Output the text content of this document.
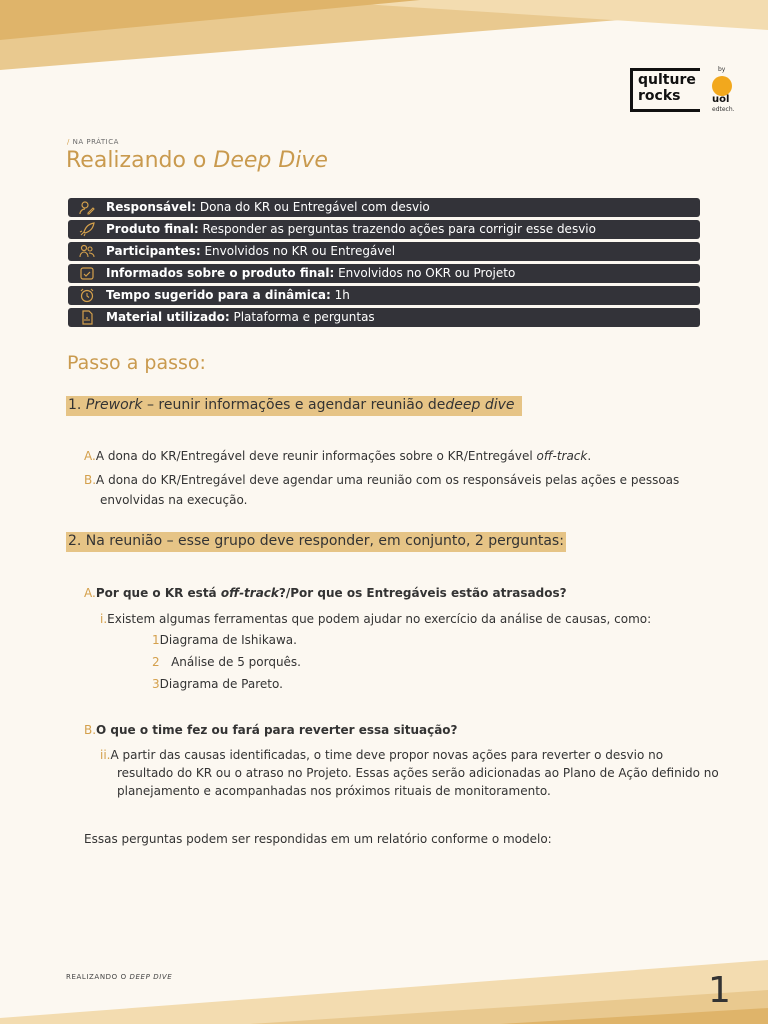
qulture
rocks
by
uol
edtech.
/ NA PRÁTICA
Realizando o Deep Dive
Responsável: Dona do KR ou Entregável com desvio
Produto final: Responder as perguntas trazendo ações para corrigir esse desvio
Participantes: Envolvidos no KR ou Entregável
Informados sobre o produto final: Envolvidos no OKR ou Projeto
Tempo sugerido para a dinâmica: 1h
Material utilizado: Plataforma e perguntas
Passo a passo:
1. Prework – reunir informações e agendar reunião dedeep dive
A.A dona do KR/Entregável deve reunir informações sobre o KR/Entregável off-track.
B.A dona do KR/Entregável deve agendar uma reunião com os responsáveis pelas ações e pessoas
envolvidas na execução.
2. Na reunião – esse grupo deve responder, em conjunto, 2 perguntas:
A.Por que o KR está off-track?/Por que os Entregáveis estão atrasados?
i.Existem algumas ferramentas que podem ajudar no exercício da análise de causas, como:
1Diagrama de Ishikawa.
2 Análise de 5 porquês.
3Diagrama de Pareto.
B.O que o time fez ou fará para reverter essa situação?
ii.A partir das causas identificadas, o time deve propor novas ações para reverter o desvio no
resultado do KR ou o atraso no Projeto. Essas ações serão adicionadas ao Plano de Ação definido no
planejamento e acompanhadas nos próximos rituais de monitoramento.
Essas perguntas podem ser respondidas em um relatório conforme o modelo:
REALIZANDO O DEEP DIVE	1
